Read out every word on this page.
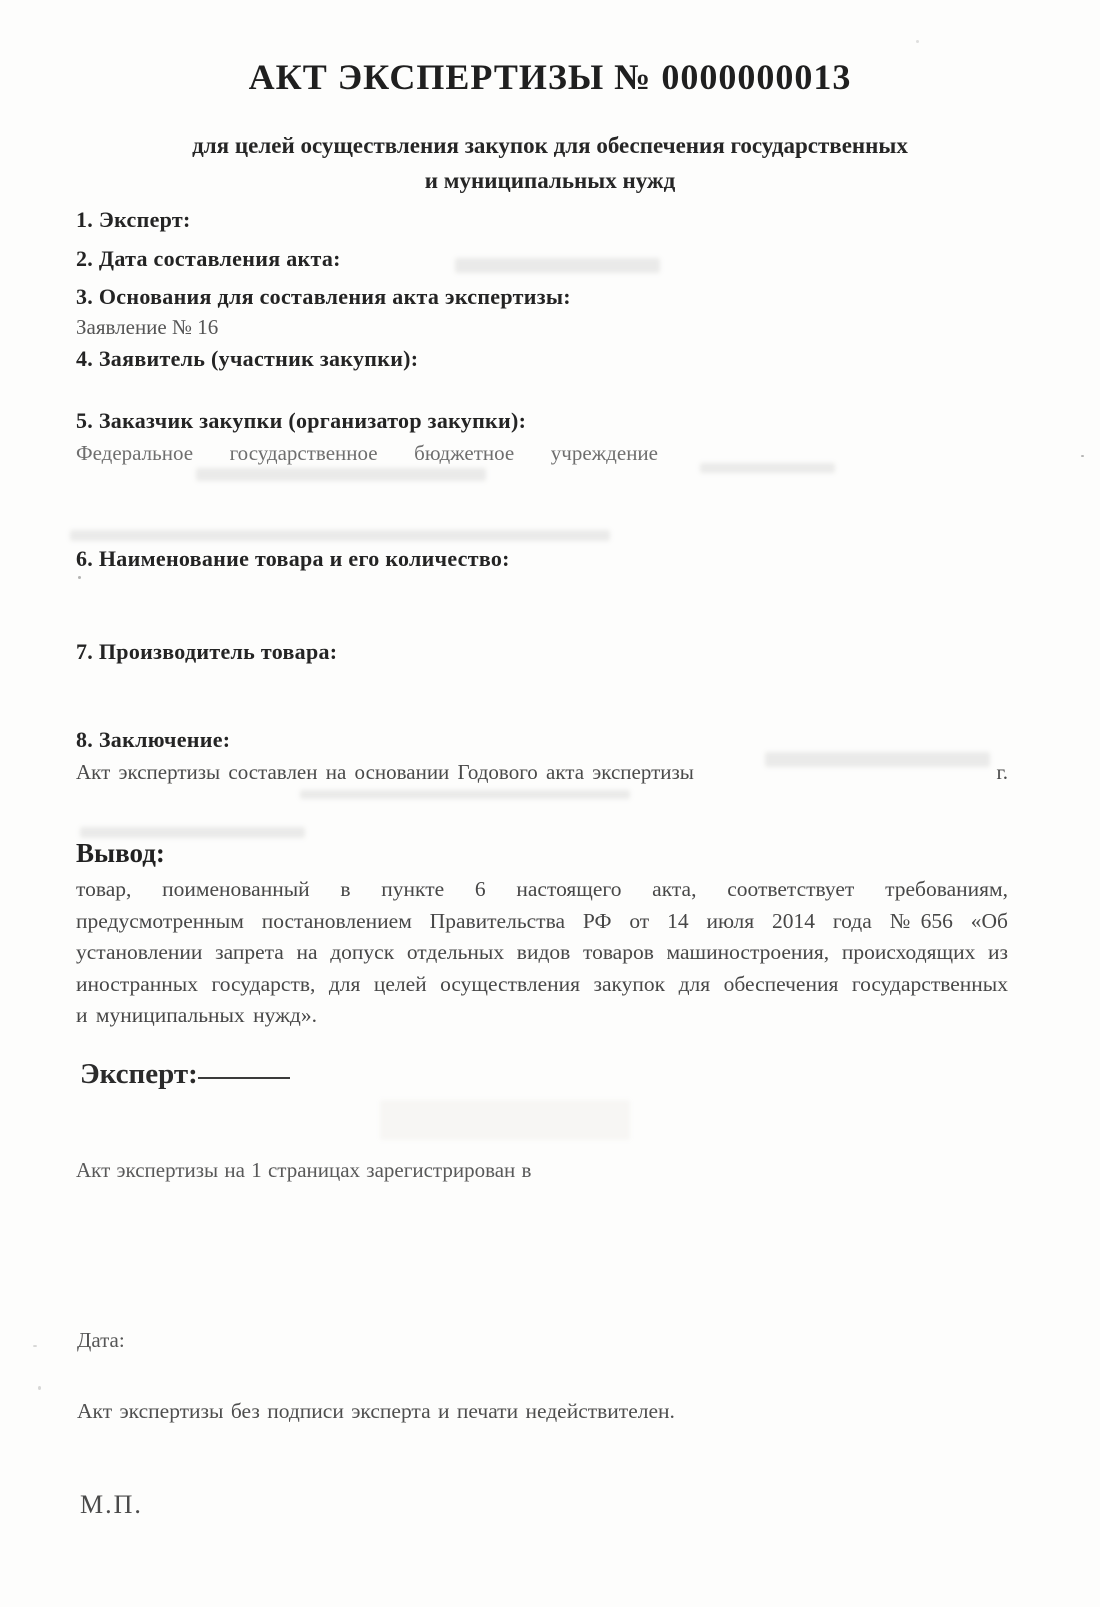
АКТ ЭКСПЕРТИЗЫ № 0000000013
для целей осуществления закупок для обеспечения государственных
и муниципальных нужд
1. Эксперт:
2. Дата составления акта:
3. Основания для составления акта экспертизы:
Заявление № 16
4. Заявитель (участник закупки):
5. Заказчик закупки (организатор закупки):
Федеральное государственное бюджетное учреждение
6. Наименование товара и его количество:
7. Производитель товара:
8. Заключение:
Акт экспертизы составлен на основании Годового акта экспертизы	г.
Вывод:
товар, поименованный в пункте 6 настоящего акта, соответствует требованиям,
предусмотренным постановлением Правительства РФ от 14 июля 2014 года №656 «Об
установлении запрета на допуск отдельных видов товаров машиностроения, происходящих из
иностранных государств, для целей осуществления закупок для обеспечения государственных
и муниципальных нужд».
Эксперт:
Акт экспертизы на 1 страницах зарегистрирован в
Дата:
Акт экспертизы без подписи эксперта и печати недействителен.
М.П.
